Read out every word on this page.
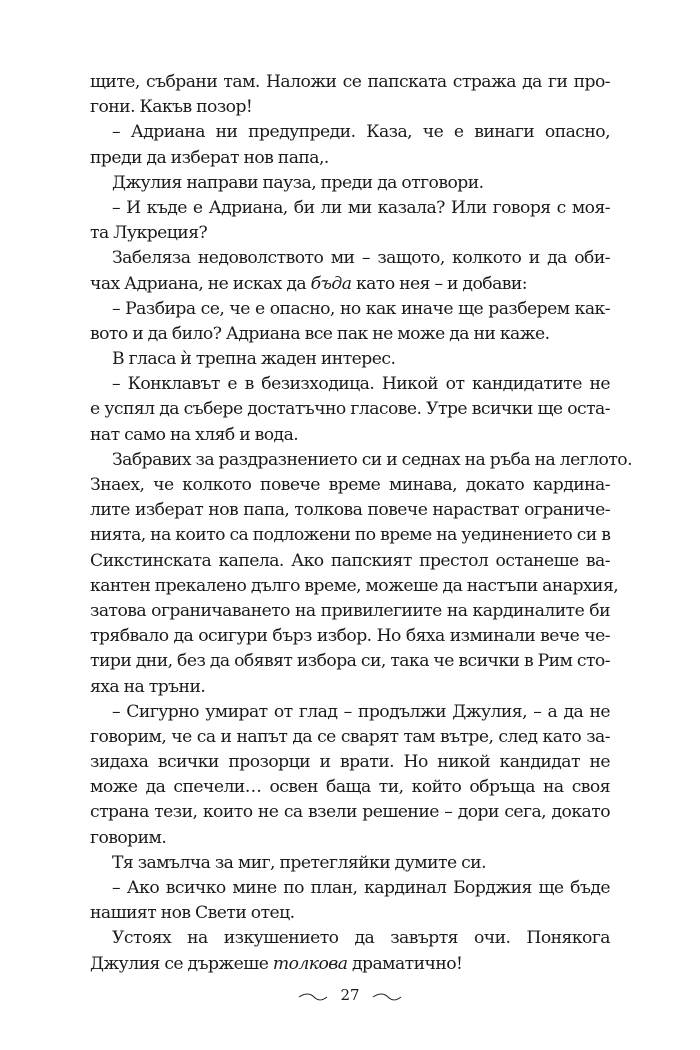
щите, събрани там. Наложи се папската стража да ги про-
гони. Какъв позор!
– Адриана ни предупреди. Каза, че е винаги опасно,
преди да изберат нов папа,.
Джулия направи пауза, преди да отговори.
– И къде е Адриана, би ли ми казала? Или говоря с моя-
та Лукреция?
Забеляза недоволството ми – защото, колкото и да оби-
чах Адриана, не исках да бъда като нея – и добави:
– Разбира се, че е опасно, но как иначе ще разберем как-
вото и да било? Адриана все пак не може да ни каже.
В гласа ѝ трепна жаден интерес.
– Конклавът е в безизходица. Никой от кандидатите не
е успял да събере достатъчно гласове. Утре всички ще оста-
нат само на хляб и вода.
Забравих за раздразнението си и седнах на ръба на леглото.
Знаех, че колкото повече време минава, докато кардина-
лите изберат нов папа, толкова повече нарастват ограниче-
нията, на които са подложени по време на уединението си в
Сикстинската капела. Ако папският престол останеше ва-
кантен прекалено дълго време, можеше да настъпи анархия,
затова ограничаването на привилегиите на кардиналите би
трябвало да осигури бърз избор. Но бяха изминали вече че-
тири дни, без да обявят избора си, така че всички в Рим сто-
яха на тръни.
– Сигурно умират от глад – продължи Джулия, – а да не
говорим, че са и напът да се сварят там вътре, след като за-
зидаха всички прозорци и врати. Но никой кандидат не
може да спечели… освен баща ти, който обръща на своя
страна тези, които не са взели решение – дори сега, докато
говорим.
Тя замълча за миг, претегляйки думите си.
– Ако всичко мине по план, кардинал Борджия ще бъде
нашият нов Свети отец.
Устоях на изкушението да завъртя очи. Понякога
Джулия се държеше толкова драматично!
27
